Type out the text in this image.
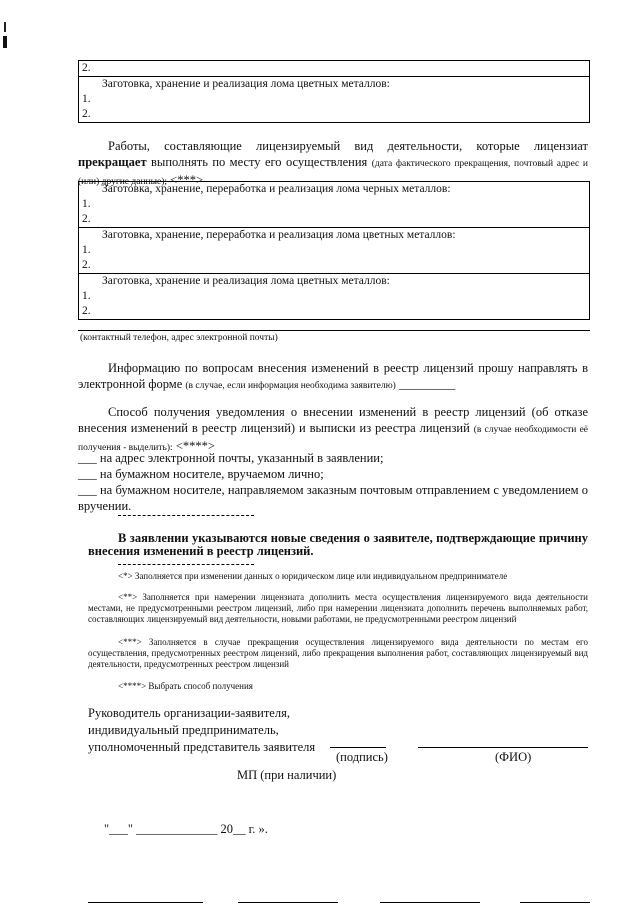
2.

Заготовка, хранение и реализация лома цветных металлов:
1.
2.

Работы, составляющие лицензируемый вид деятельности, которые лицензиат прекращает выполнять по месту его осуществления (дата фактического прекращения, почтовый адрес и (или) другие данные); <***>

Заготовка, хранение, переработка и реализация лома черных металлов:
1.
2.

Заготовка, хранение, переработка и реализация лома цветных металлов:
1.
2.

Заготовка, хранение и реализация лома цветных металлов:
1.
2.
(контактный телефон, адрес электронной почты)

Информацию по вопросам внесения изменений в реестр лицензий прошу направлять в электронной форме (в случае, если информация необходима заявителю) _________

Способ получения уведомления о внесении изменений в реестр лицензий (об отказе внесения изменений в реестр лицензий) и выписки из реестра лицензий (в случае необходимости её получения - выделить): <****>

___ на адрес электронной почты, указанный в заявлении;
___ на бумажном носителе, вручаемом лично;
___ на бумажном носителе, направляемом заказным почтовым отправлением с уведомлением о вручении.

В заявлении указываются новые сведения о заявителе, подтверждающие причину внесения изменений в реестр лицензий.

<*> Заполняется при изменении данных о юридическом лице или индивидуальном предпринимателе

<**> Заполняется при намерении лицензиата дополнить места осуществления лицензируемого вида деятельности местами, не предусмотренными реестром лицензий, либо при намерении лицензиата дополнить перечень выполняемых работ, составляющих лицензируемый вид деятельности, новыми работами, не предусмотренными реестром лицензий

<***> Заполняется в случае прекращения осуществления лицензируемого вида деятельности по местам его осуществления, предусмотренных реестром лицензий, либо прекращения выполнения работ, составляющих лицензируемый вид деятельности, предусмотренных реестром лицензий

<****> Выбрать способ получения

Руководитель организации-заявителя,
индивидуальный предприниматель,
уполномоченный представитель заявителя
(подпись)	(ФИО)
МП (при наличии)
"___" _____________ 20__ г. ».
